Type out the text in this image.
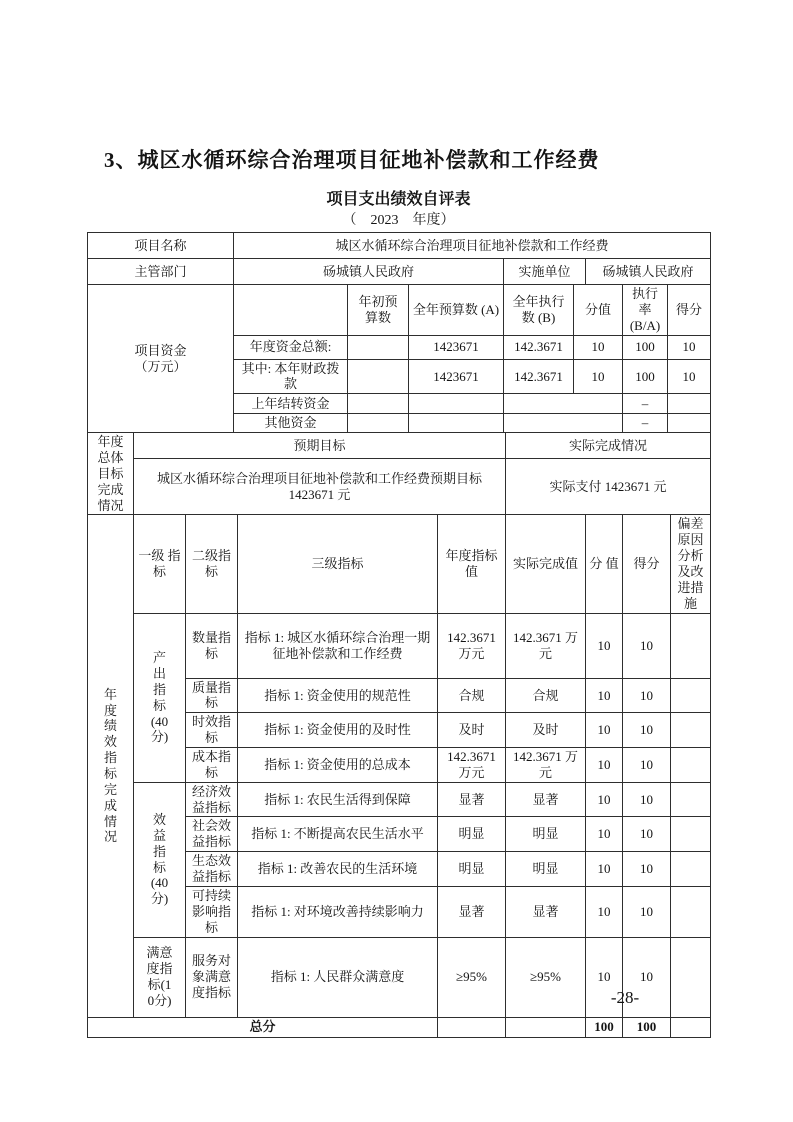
3、城区水循环综合治理项目征地补偿款和工作经费
项目支出绩效自评表
（　2023　年度）
项目名称	城区水循环综合治理项目征地补偿款和工作经费		
主管部门	砀城镇人民政府	实施单位	砀城镇人民政府
项目资金（万元）		年初预 算数	全年预算数 (A)	全年执行 数 (B)	分值	执行率 (B/A)	得分
	年度资金总额:		1423671	142.3671	10	100	10
	其中: 本年财政拨款		1423671	142.3671	10	100	10
	上年结转资金					–	
	其他资金					–	
年度总体目标完成情况	预期目标	实际完成情况
	城区水循环综合治理项目征地补偿款和工作经费预期目标 1423671 元	实际支付 1423671 元
年度绩效指标完成情况	一级 指标	二级指 标	三级指标	年度指标 值	实际完成值	分 值	得分	偏差原因分析及改进措施

	产出指标(40分)	数量指标	指标 1: 城区水循环综合治理一期征地补偿款和工作经费	142.3671 万元	142.3671 万元	10	10	
		质量指标	指标 1: 资金使用的规范性	合规	合规	10	10	
		时效指标	指标 1: 资金使用的及时性	及时	及时	10	10	
		成本指标	指标 1: 资金使用的总成本	142.3671 万元	142.3671 万元	10	10	

	效益指标(40分)	经济效益指标	指标 1: 农民生活得到保障	显著	显著	10	10	
		社会效益指标	指标 1: 不断提高农民生活水平	明显	明显	10	10	
		生态效益指标	指标 1: 改善农民的生活环境	明显	明显	10	10	
		可持续影响指标	指标 1: 对环境改善持续影响力	显著	显著	10	10	

	满意度指标(10分)	服务对象满意度指标	指标 1: 人民群众满意度	≥95%	≥95%	10	10	
总分						100	100	
-28-
